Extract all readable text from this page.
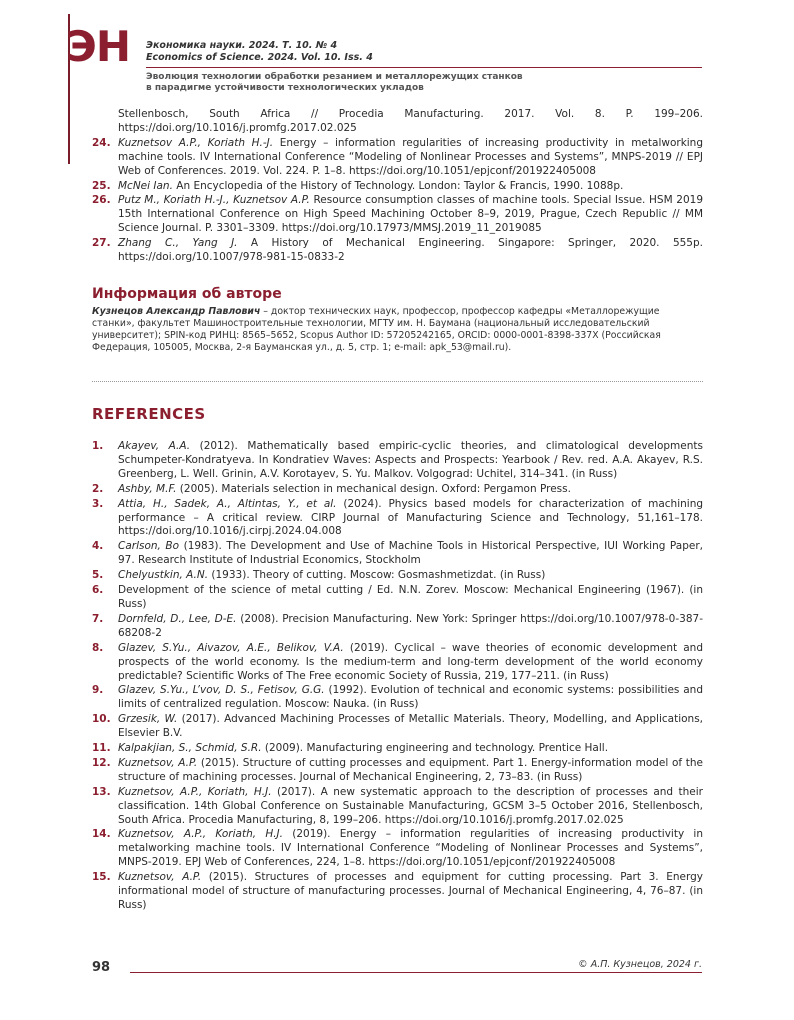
ЭН Экономика науки. 2024. Т. 10. № 4
Economics of Science. 2024. Vol. 10. Iss. 4
Эволюция технологии обработки резанием и металлорежущих станков
в парадигме устойчивости технологических укладов
Stellenbosch, South Africa // Procedia Manufacturing. 2017. Vol. 8. P. 199–206. https://doi.org/10.1016/j.promfg.2017.02.025
24. Kuznetsov A.P., Koriath H.-J. Energy – information regularities of increasing productivity in metalworking machine tools. IV International Conference “Modeling of Nonlinear Processes and Systems”, MNPS-2019 // EPJ Web of Conferences. 2019. Vol. 224. P. 1–8. https://doi.org/10.1051/epjconf/201922405008
25. McNei Ian. An Encyclopedia of the History of Technology. London: Taylor & Francis, 1990. 1088p.
26. Putz M., Koriath H.-J., Kuznetsov A.P. Resource consumption classes of machine tools. Special Issue. HSM 2019 15th International Conference on High Speed Machining October 8–9, 2019, Prague, Czech Republic // MM Science Journal. P. 3301–3309. https://doi.org/10.17973/MMSJ.2019_11_2019085
27. Zhang C., Yang J. A History of Mechanical Engineering. Singapore: Springer, 2020. 555p. https://doi.org/10.1007/978-981-15-0833-2
Информация об авторе
Кузнецов Александр Павлович – доктор технических наук, профессор, профессор кафедры «Металлорежущие станки», факультет Машиностроительные технологии, МГТУ им. Н. Баумана (национальный исследовательский университет); SPIN-код РИНЦ: 8565–5652, Scopus Author ID: 57205242165, ORCID: 0000-0001-8398-337X (Российская Федерация, 105005, Москва, 2-я Бауманская ул., д. 5, стр. 1; e-mail: apk_53@mail.ru).
REFERENCES
1.	Akayev, A.A. (2012). Mathematically based empiric-cyclic theories, and climatological developments Schumpeter-Kondratyeva. In Kondratiev Waves: Aspects and Prospects: Yearbook / Rev. red. A.A. Akayev, R.S. Greenberg, L. Well. Grinin, A.V. Korotayev, S. Yu. Malkov. Volgograd: Uchitel, 314–341. (in Russ)
2.	Ashby, M.F. (2005). Materials selection in mechanical design. Oxford: Pergamon Press.
3.	Attia, H., Sadek, A., Altintas, Y., et al. (2024). Physics based models for characterization of machining performance – A critical review. CIRP Journal of Manufacturing Science and Technology, 51,161–178. https://doi.org/10.1016/j.cirpj.2024.04.008
4.	Carlson, Bo (1983). The Development and Use of Machine Tools in Historical Perspective, IUI Working Paper, 97. Research Institute of Industrial Economics, Stockholm
5.	Chelyustkin, A.N. (1933). Theory of cutting. Moscow: Gosmashmetizdat. (in Russ)
6.	Development of the science of metal cutting / Ed. N.N. Zorev. Moscow: Mechanical Engineering (1967). (in Russ)
7.	Dornfeld, D., Lee, D-E. (2008). Precision Manufacturing. New York: Springer https://doi.org/10.1007/978-0-387-68208-2
8.	Glazev, S.Yu., Aivazov, A.E., Belikov, V.A. (2019). Cyclical – wave theories of economic development and prospects of the world economy. Is the medium-term and long-term development of the world economy predictable? Scientific Works of The Free economic Society of Russia, 219, 177–211. (in Russ)
9.	Glazev, S.Yu., L’vov, D. S., Fetisov, G.G. (1992). Evolution of technical and economic systems: possibilities and limits of centralized regulation. Moscow: Nauka. (in Russ)
10. Grzesik, W. (2017). Advanced Machining Processes of Metallic Materials. Theory, Modelling, and Applications, Elsevier B.V.
11. Kalpakjian, S., Schmid, S.R. (2009). Manufacturing engineering and technology. Prentice Hall.
12. Kuznetsov, A.P. (2015). Structure of cutting processes and equipment. Part 1. Energy-information model of the structure of machining processes. Journal of Mechanical Engineering, 2, 73–83. (in Russ)
13. Kuznetsov, A.P., Koriath, H.J. (2017). A new systematic approach to the description of processes and their classification. 14th Global Conference on Sustainable Manufacturing, GCSM 3–5 October 2016, Stellenbosch, South Africa. Procedia Manufacturing, 8, 199–206. https://doi.org/10.1016/j.promfg.2017.02.025
14. Kuznetsov, A.P., Koriath, H.J. (2019). Energy – information regularities of increasing productivity in metalworking machine tools. IV International Conference “Modeling of Nonlinear Processes and Systems”, MNPS-2019. EPJ Web of Conferences, 224, 1–8. https://doi.org/10.1051/epjconf/201922405008
15. Kuznetsov, A.P. (2015). Structures of processes and equipment for cutting processing. Part 3. Energy informational model of structure of manufacturing processes. Journal of Mechanical Engineering, 4, 76–87. (in Russ)
98	© А.П. Кузнецов, 2024 г.
